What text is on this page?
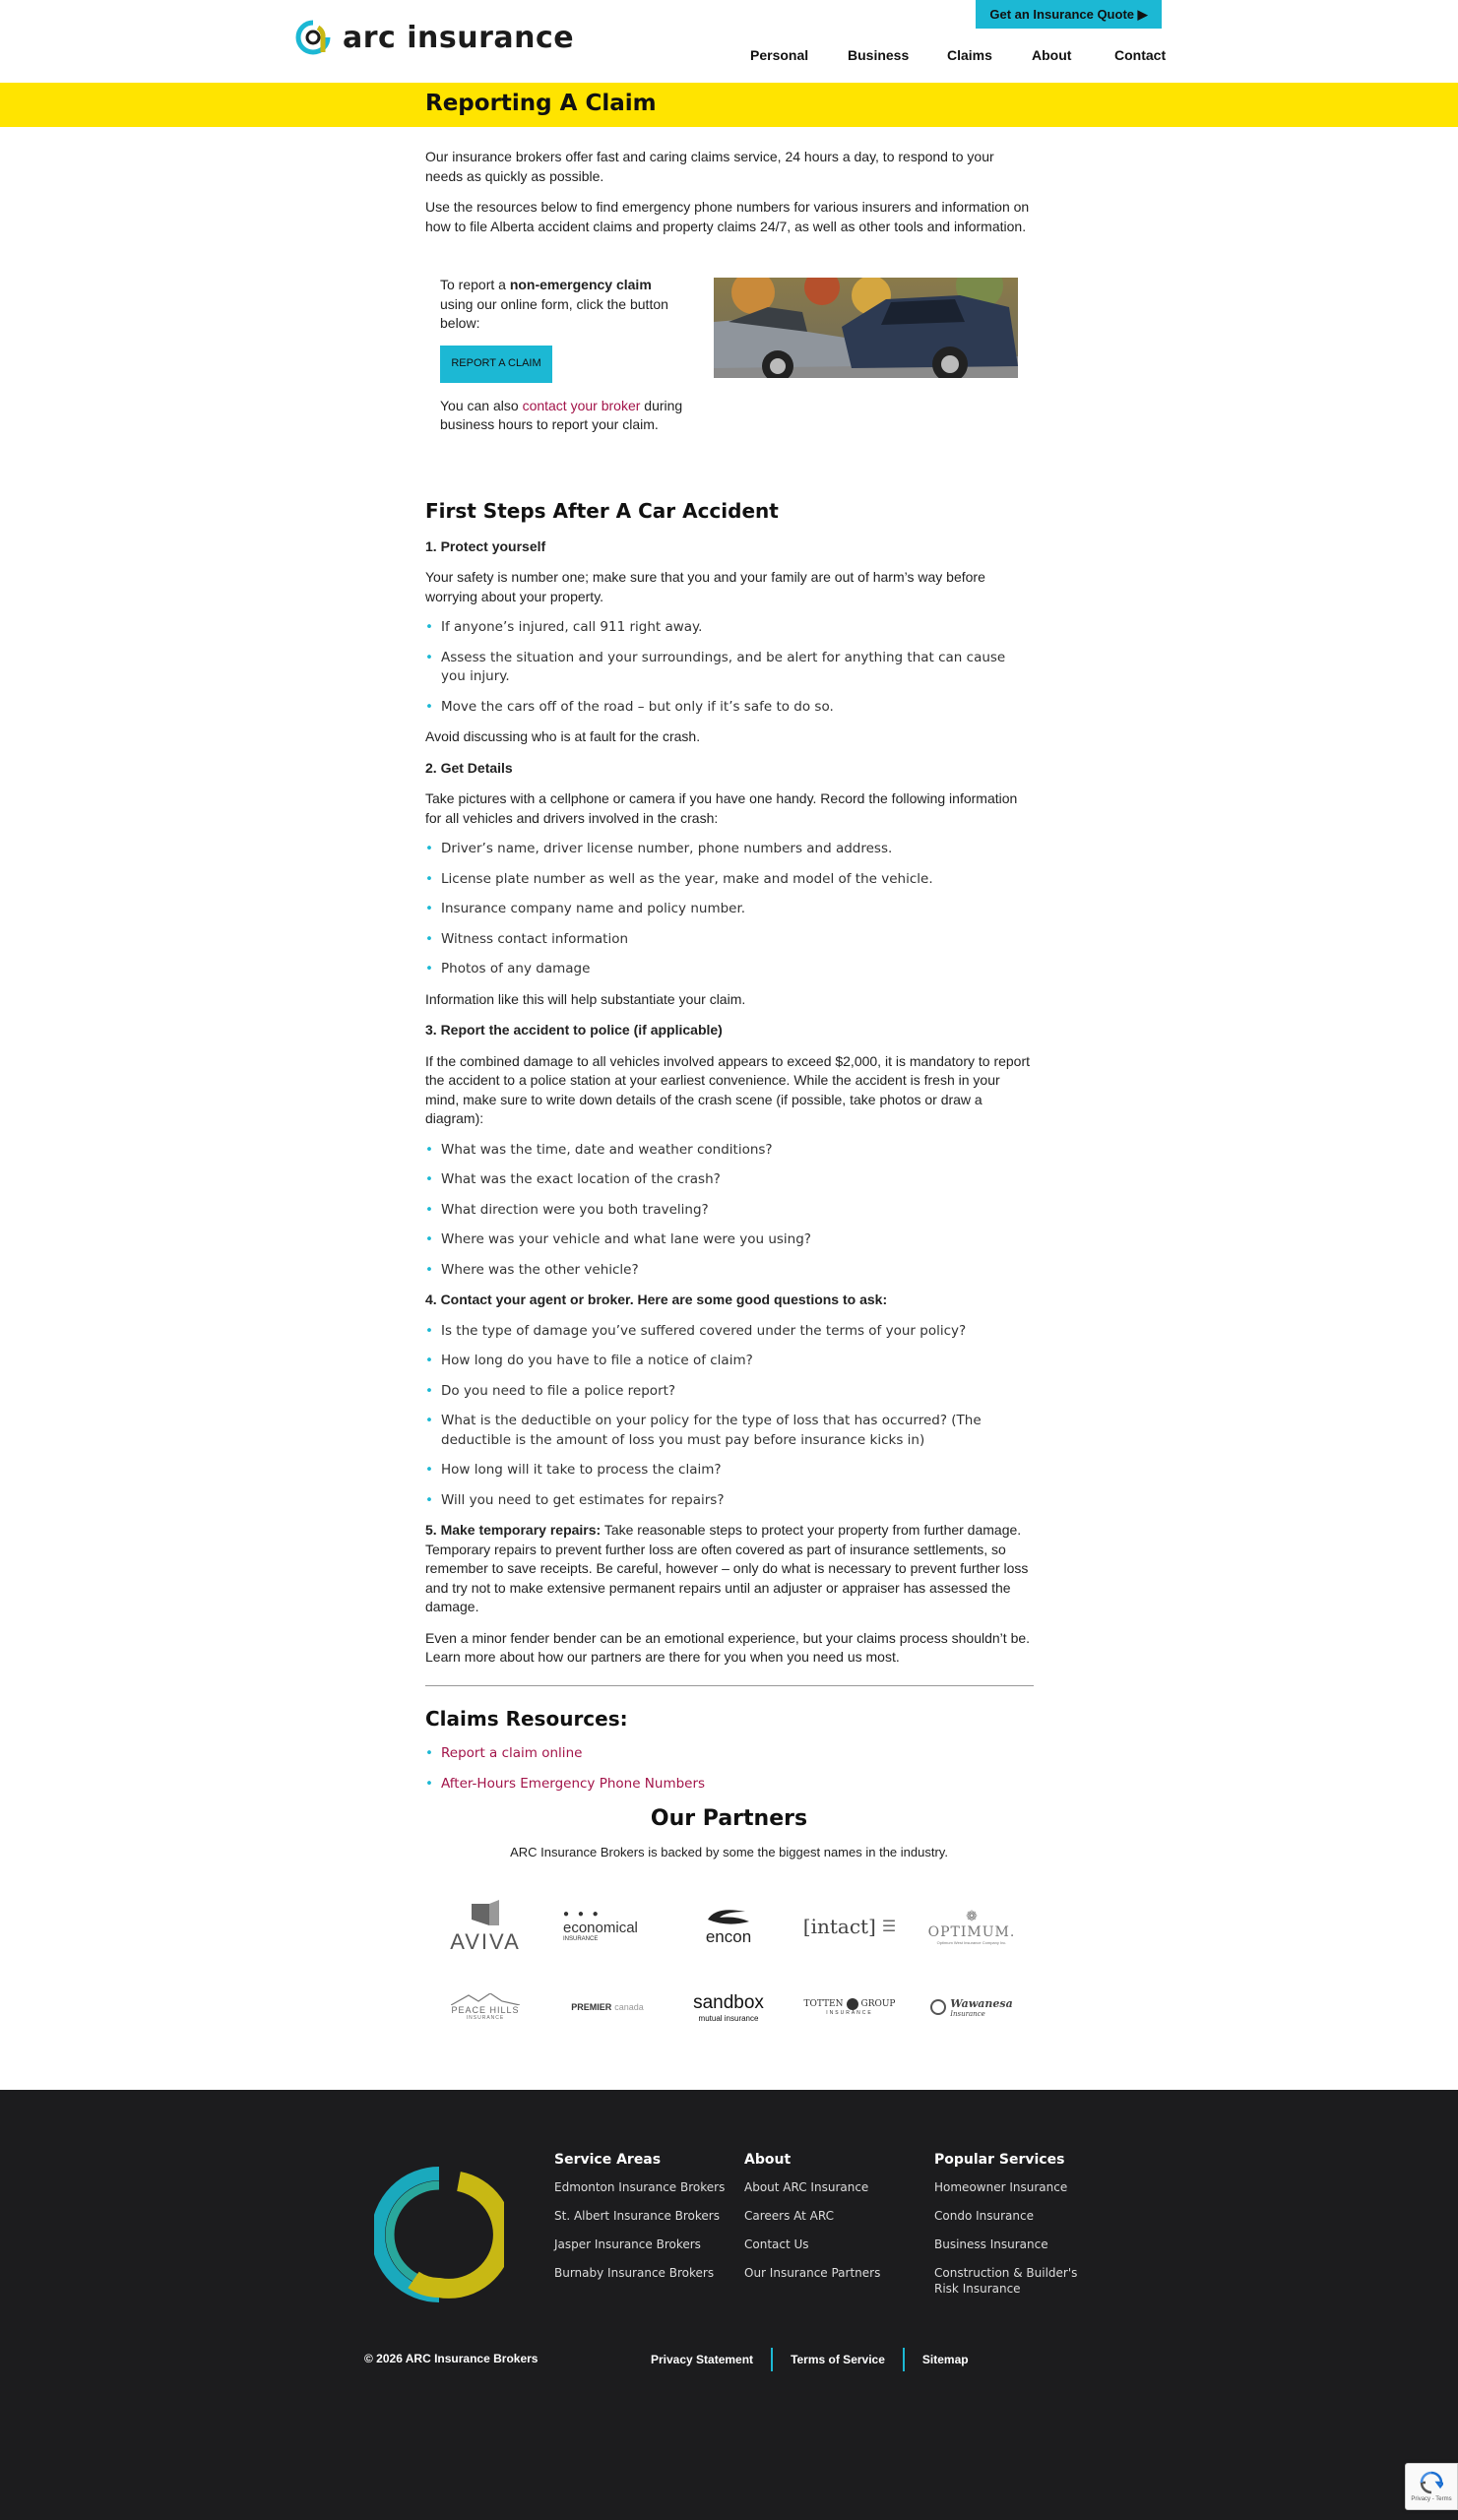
arc insurance
Get an Insurance Quote ▶
Personal	Business	Claims	About	Contact
Reporting A Claim

Our insurance brokers offer fast and caring claims service, 24 hours a day, to respond to your needs as quickly as possible.

Use the resources below to find emergency phone numbers for various insurers and information on how to file Alberta accident claims and property claims 24/7, as well as other tools and information.

To report a non-emergency claim using our online form, click the button below:
REPORT A CLAIM
You can also contact your broker during business hours to report your claim.
First Steps After A Car Accident
1. Protect yourself

Your safety is number one; make sure that you and your family are out of harm’s way before worrying about your property.

• If anyone’s injured, call 911 right away.
• Assess the situation and your surroundings, and be alert for anything that can cause you injury.
• Move the cars off of the road – but only if it’s safe to do so.

Avoid discussing who is at fault for the crash.

2. Get Details

Take pictures with a cellphone or camera if you have one handy. Record the following information for all vehicles and drivers involved in the crash:

• Driver’s name, driver license number, phone numbers and address.
• License plate number as well as the year, make and model of the vehicle.
• Insurance company name and policy number.
• Witness contact information
• Photos of any damage

Information like this will help substantiate your claim.

3. Report the accident to police (if applicable)

If the combined damage to all vehicles involved appears to exceed $2,000, it is mandatory to report the accident to a police station at your earliest convenience. While the accident is fresh in your mind, make sure to write down details of the crash scene (if possible, take photos or draw a diagram):

• What was the time, date and weather conditions?
• What was the exact location of the crash?
• What direction were you both traveling?
• Where was your vehicle and what lane were you using?
• Where was the other vehicle?
4. Contact your agent or broker. Here are some good questions to ask:
• Is the type of damage you’ve suffered covered under the terms of your policy?
• How long do you have to file a notice of claim?
• Do you need to file a police report?
• What is the deductible on your policy for the type of loss that has occurred? (The deductible is the amount of loss you must pay before insurance kicks in)
• How long will it take to process the claim?
• Will you need to get estimates for repairs?

5. Make temporary repairs: Take reasonable steps to protect your property from further damage. Temporary repairs to prevent further loss are often covered as part of insurance settlements, so remember to save receipts. Be careful, however – only do what is necessary to prevent further loss and try not to make extensive permanent repairs until an adjuster or appraiser has assessed the damage.

Even a minor fender bender can be an emotional experience, but your claims process shouldn’t be. Learn more about how our partners are there for you when you need us most.

Claims Resources:
• Report a claim online
• After-Hours Emergency Phone Numbers
Our Partners
ARC Insurance Brokers is backed by some the biggest names in the industry.
AVIVA
● ● ●
economical
INSURANCE	encon	[intact] ☰
❁
OPTIMUM.
Optimum West Insurance Company Inc.
PEACE HILLS
INSURANCE
PREMIER canada	sandbox
mutual insurance
TOTTEN GROUP
INSURANCE
Wawanesa
Insurance
Service Areas
Edmonton Insurance Brokers
St. Albert Insurance Brokers
Jasper Insurance Brokers
Burnaby Insurance Brokers
About
About ARC Insurance
Careers At ARC
Contact Us
Our Insurance Partners
Popular Services
Homeowner Insurance
Condo Insurance
Business Insurance
Construction & Builder's Risk Insurance
© 2026 ARC Insurance Brokers	Privacy Statement	Terms of Service	Sitemap
Privacy - Terms
